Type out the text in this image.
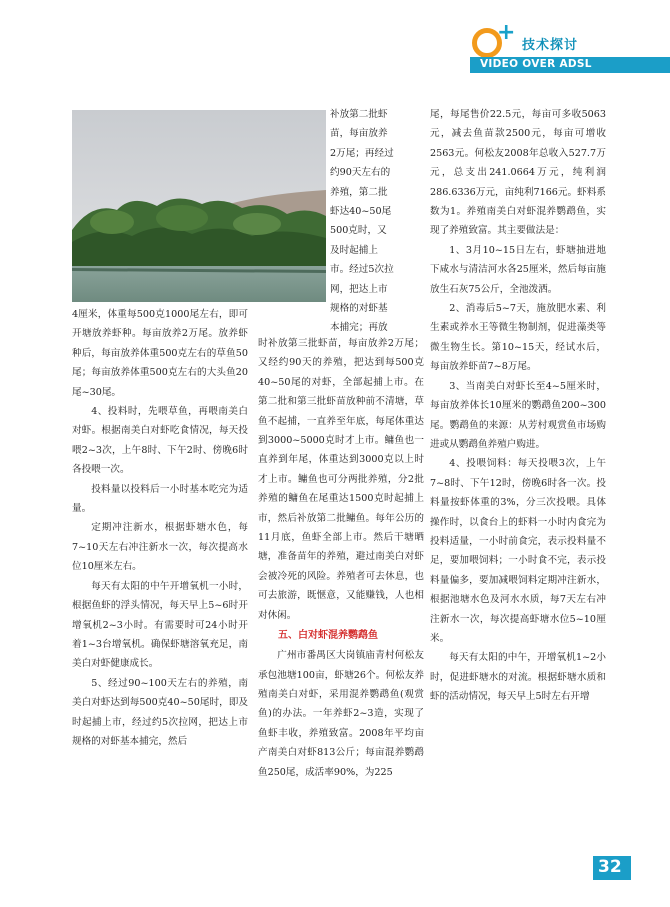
+
技术探讨
VIDEO OVER ADSL

补放第二批虾

苗，每亩放养

2万尾；再经过

约90天左右的

养殖，第二批

虾达40~50尾

500克时，又

及时起捕上

市。经过5次拉

网，把达上市

规格的对虾基

本捕完；再放

4厘米，体重每500克1000尾左右，即可开塘放养虾种。每亩放养2万尾。放养虾种后，每亩放养体重500克左右的草鱼50尾；每亩放养体重500克左右的大头鱼20尾~30尾。

4、投料时，先喂草鱼，再喂南美白对虾。根据南美白对虾吃食情况，每天投喂2~3次，上午8时、下午2时、傍晚6时各投喂一次。

投料量以投料后一小时基本吃完为适量。

定期冲注新水，根据虾塘水色，每7~10天左右冲注新水一次，每次提高水位10厘米左右。

每天有太阳的中午开增氧机一小时，根据鱼虾的浮头情况，每天早上5~6时开增氧机2~3小时。有需要时可24小时开着1~3台增氧机。确保虾塘溶氧充足，南美白对虾健康成长。

5、经过90~100天左右的养殖，南美白对虾达到每500克40~50尾时，即及时起捕上市，经过约5次拉网，把达上市规格的对虾基本捕完，然后

时补放第三批虾苗，每亩放养2万尾；又经约90天的养殖，把达到每500克40~50尾的对虾，全部起捕上市。在第二批和第三批虾苗放种前不清塘，草鱼不起捕，一直养至年底，每尾体重达到3000~5000克时才上市。鳙鱼也一直养到年尾，体重达到3000克以上时才上市。鳙鱼也可分两批养殖，分2批养殖的鳙鱼在尾重达1500克时起捕上市，然后补放第二批鳙鱼。每年公历的11月底，鱼虾全部上市。然后干塘晒塘，准备苗年的养殖，避过南美白对虾会被冷死的风险。养殖者可去休息，也可去旅游，既惬意，又能赚钱，人也相对休闲。

五、白对虾混养鹦鹉鱼

广州市番禺区大岗镇庙青村何松友承包池塘100亩，虾塘26个。何松友养殖南美白对虾，采用混养鹦鹉鱼(观赏鱼)的办法。一年养虾2~3造，实现了鱼虾丰收，养殖致富。2008年平均亩产南美白对虾813公斤；每亩混养鹦鹉鱼250尾，成活率90%，为225

尾，每尾售价22.5元，每亩可多收5063元，减去鱼苗款2500元，每亩可增收2563元。何松友2008年总收入527.7万元，总支出241.0664万元，纯利润286.6336万元，亩纯利7166元。虾料系数为1。养殖南美白对虾混养鹦鹉鱼，实现了养殖致富。其主要做法是：

1、3月10~15日左右，虾塘抽进地下咸水与清洁河水各25厘米，然后每亩施放生石灰75公斤，全池泼洒。

2、消毒后5~7天，施放肥水素、利生素或养水王等微生物制剂，促进藻类等微生物生长。第10~15天，经试水后，每亩放养虾苗7~8万尾。

3、当南美白对虾长至4~5厘米时，每亩放养体长10厘米的鹦鹉鱼200~300尾。鹦鹉鱼的来源：从芳村观赏鱼市场购进或从鹦鹉鱼养殖户购进。

4、投喂饲料：每天投喂3次，上午7~8时、下午12时，傍晚6时各一次。投料量按虾体重的3%，分三次投喂。具体操作时，以食台上的虾料一小时内食完为投料适量，一小时前食完，表示投料量不足，要加喂饲料；一小时食不完，表示投料量偏多，要加减喂饲料定期冲注新水，根据池塘水色及河水水质，每7天左右冲注新水一次，每次提高虾塘水位5~10厘米。

每天有太阳的中午，开增氧机1~2小时，促进虾塘水的对流。根据虾塘水质和虾的活动情况，每天早上5时左右开增

32
